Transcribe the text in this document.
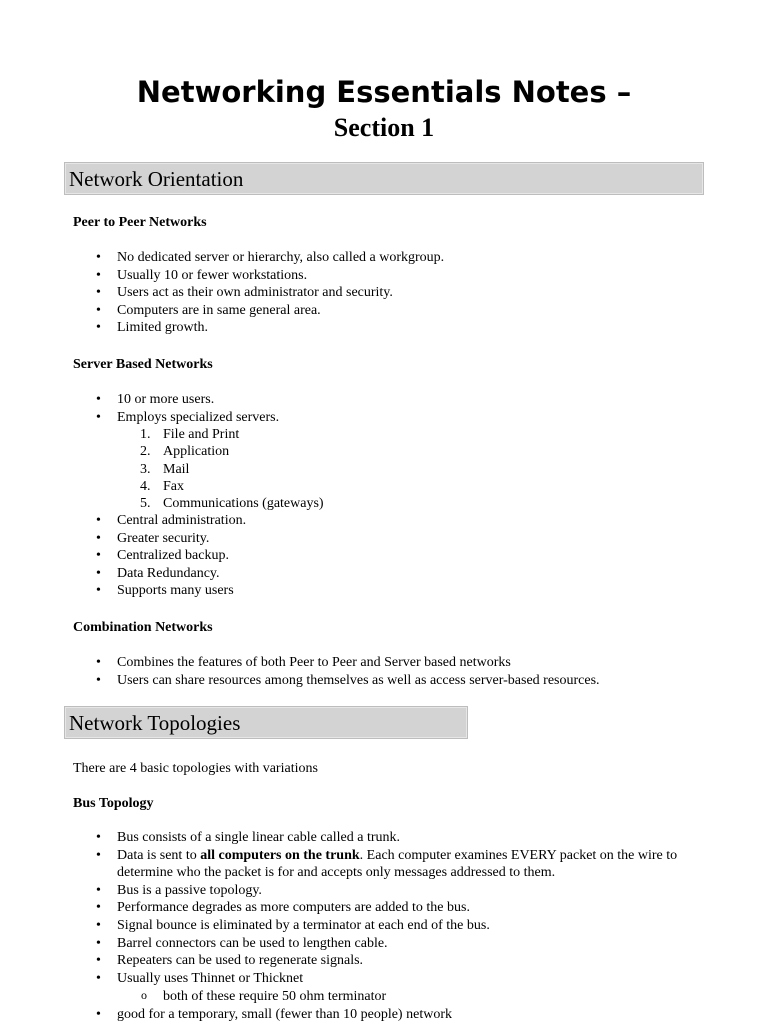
Networking Essentials Notes –
Section 1
Network Orientation
Peer to Peer Networks
• No dedicated server or hierarchy, also called a workgroup.
• Usually 10 or fewer workstations.
• Users act as their own administrator and security.
• Computers are in same general area.
• Limited growth.
Server Based Networks
• 10 or more users.
• Employs specialized servers.
1. File and Print
2. Application
3. Mail
4. Fax
5. Communications (gateways)
• Central administration.
• Greater security.
• Centralized backup.
• Data Redundancy.
• Supports many users
Combination Networks
• Combines the features of both Peer to Peer and Server based networks
• Users can share resources among themselves as well as access server-based resources.
Network Topologies
There are 4 basic topologies with variations
Bus Topology
• Bus consists of a single linear cable called a trunk.
• Data is sent to all computers on the trunk. Each computer examines EVERY packet on the wire to determine who the packet is for and accepts only messages addressed to them.
• Bus is a passive topology.
• Performance degrades as more computers are added to the bus.
• Signal bounce is eliminated by a terminator at each end of the bus.
• Barrel connectors can be used to lengthen cable.
• Repeaters can be used to regenerate signals.
• Usually uses Thinnet or Thicknet
o both of these require 50 ohm terminator
• good for a temporary, small (fewer than 10 people) network
